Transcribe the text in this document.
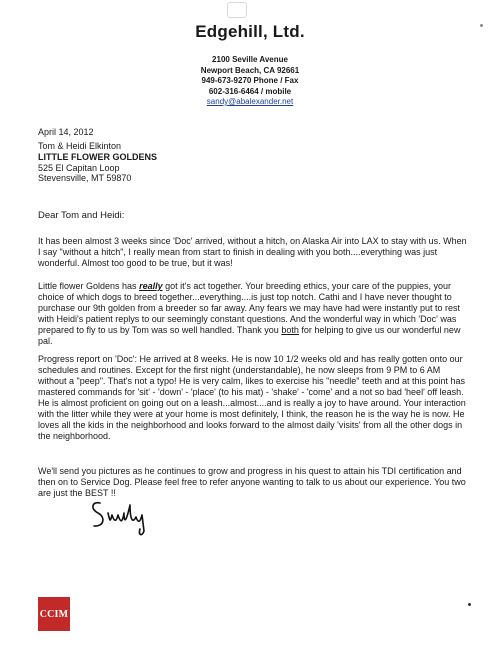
Edgehill, Ltd.
2100 Seville Avenue
Newport Beach, CA 92661
949-673-9270 Phone / Fax
602-316-6464 / mobile
sandy@abalexander.net
April 14, 2012
Tom & Heidi Elkinton
LITTLE FLOWER GOLDENS
525 El Capitan Loop
Stevensville, MT 59870
Dear Tom and Heidi:
It has been almost 3 weeks since 'Doc' arrived, without a hitch, on Alaska Air into LAX to stay with us. When I say "without a hitch", I really mean from start to finish in dealing with you both....everything was just wonderful. Almost too good to be true, but it was!
Little flower Goldens has really got it's act together. Your breeding ethics, your care of the puppies, your choice of which dogs to breed together...everything....is just top notch. Cathi and I have never thought to purchase our 9th golden from a breeder so far away. Any fears we may have had were instantly put to rest with Heidi's patient replys to our seemingly constant questions. And the wonderful way in which 'Doc' was prepared to fly to us by Tom was so well handled. Thank you both for helping to give us our wonderful new pal.
Progress report on 'Doc': He arrived at 8 weeks. He is now 10 1/2 weeks old and has really gotten onto our schedules and routines. Except for the first night (understandable), he now sleeps from 9 PM to 6 AM without a "peep". That's not a typo! He is very calm, likes to exercise his "needle" teeth and at this point has mastered commands for 'sit' - 'down' - 'place' (to his mat) - 'shake' - 'come' and a not so bad 'heel' off leash. He is almost proficient on going out on a leash...almost....and is really a joy to have around. Your interaction with the litter while they were at your home is most definitely, I think, the reason he is the way he is now. He loves all the kids in the neighborhood and looks forward to the almost daily 'visits' from all the other dogs in the neighborhood.
We'll send you pictures as he continues to grow and progress in his quest to attain his TDI certification and then on to Service Dog. Please feel free to refer anyone wanting to talk to us about our experience. You two are just the BEST !!
CCIM
